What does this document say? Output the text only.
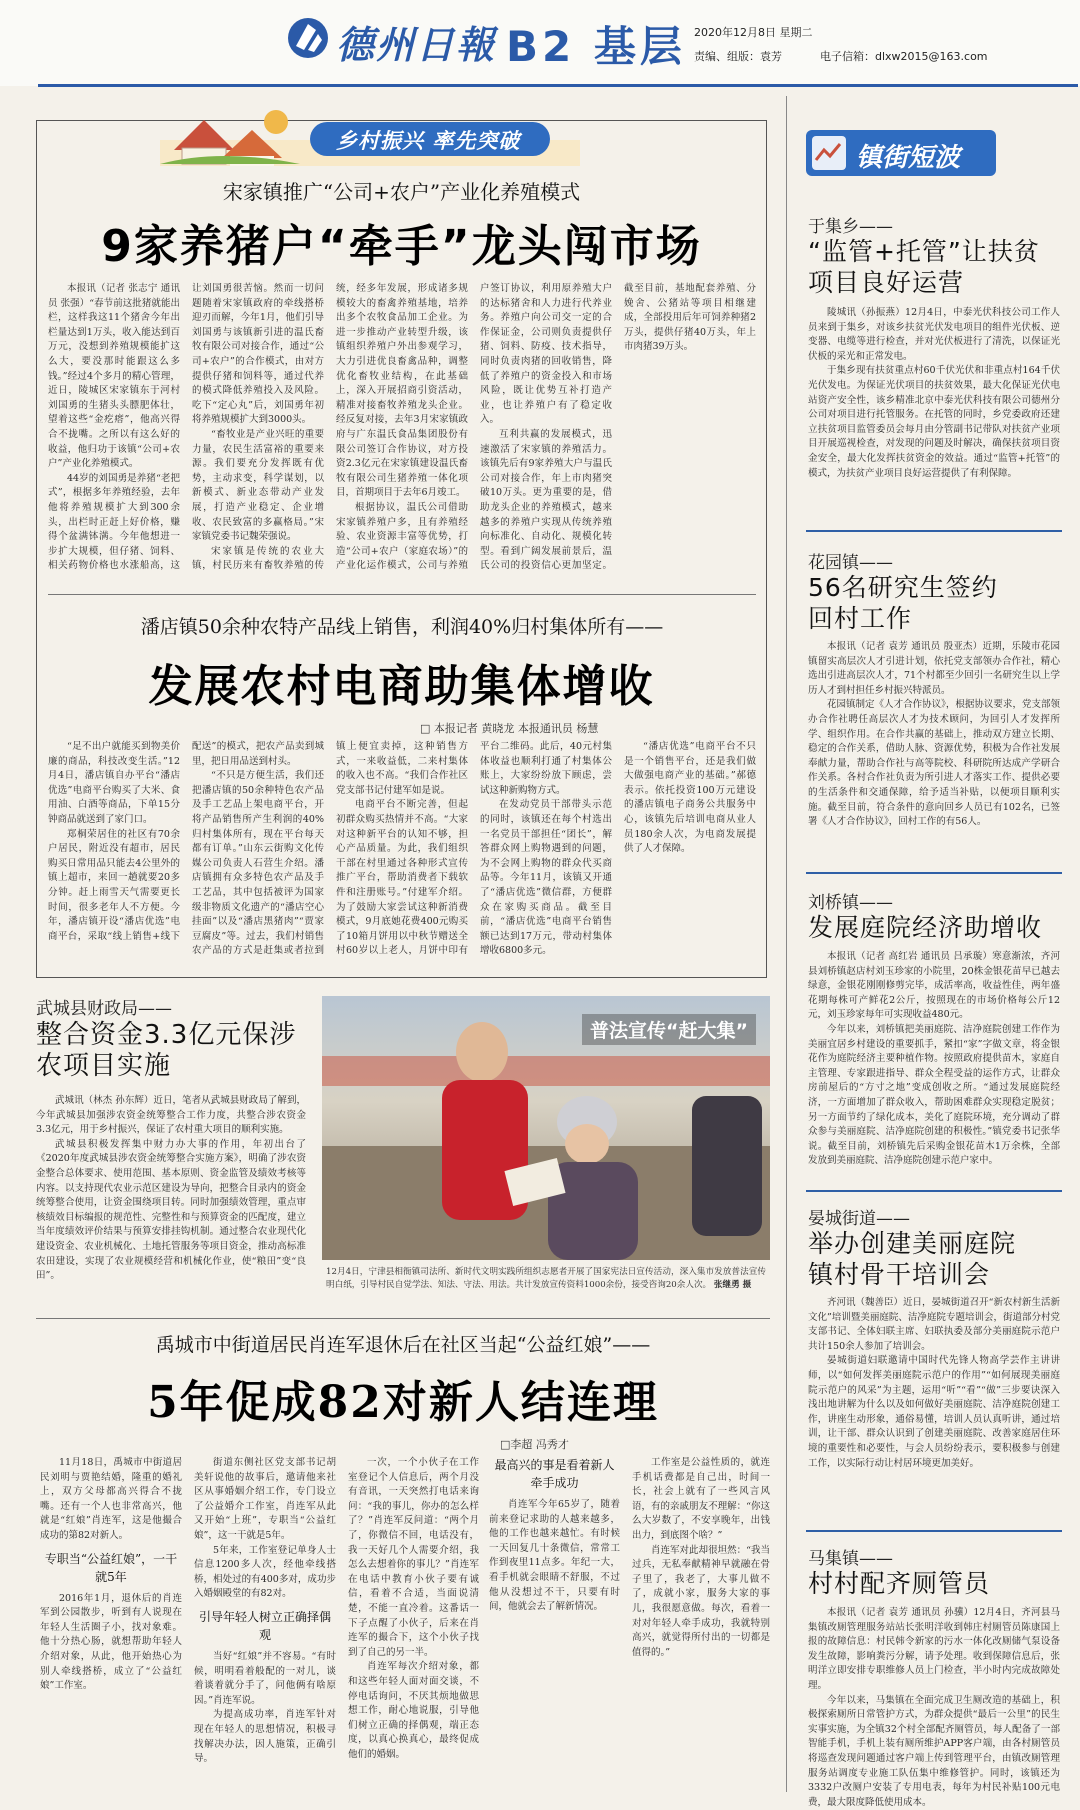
德州日報 B2 基层 2020年12月8日 星期二
责编、组版：袁芳	电子信箱：dlxw2015@163.com
乡村振兴 率先突破
宋家镇推广“公司+农户”产业化养殖模式
9家养猪户“牵手”龙头闯市场

本报讯（记者 张志宁 通讯员 张强）“春节前这批猪就能出栏，这样我这11个猪舍今年出栏量达到1万头，收入能达到百万元，没想到养殖规模能扩这么大，要没那时能跟这么多钱。”经过4个多月的精心管理，近日，陵城区宋家镇东于河村刘国勇的生猪头头膘肥体壮，望着这些“金疙瘩”，他高兴得合不拢嘴。之所以有这么好的收益，他归功于该镇“公司+农户”产业化养殖模式。

44岁的刘国勇是养猪“老把式”，根据多年养殖经验，去年他将养殖规模扩大到300余头，出栏时正赶上好价格，赚得个盆满钵满。今年他想进一步扩大规模，但仔猪、饲料、相关药物价格也水涨船高，这让刘国勇很苦恼。然而一切问题随着宋家镇政府的牵线搭桥迎刃而解，今年1月，他们引导刘国勇与该镇新引进的温氏畜牧有限公司对接合作，通过“公司+农户”的合作模式，由对方提供仔猪和饲料等，通过代养的模式降低养殖投入及风险。吃下“定心丸”后，刘国勇年初将养殖规模扩大到3000头。

“畜牧业是产业兴旺的重要力量，农民生活富裕的重要来源。我们要充分发挥既有优势，主动求变，科学谋划，以新模式、新业态带动产业发展，打造产业稳定、企业增收、农民致富的多赢格局。”宋家镇党委书记魏荣强说。

宋家镇是传统的农业大镇，村民历来有畜牧养殖的传统，经多年发展，形成诸多规模较大的畜禽养殖基地，培养出多个农牧食品加工企业。为进一步推动产业转型升级，该镇组织养殖户外出参观学习，大力引进优良畜禽品种，调整优化畜牧业结构，在此基础上，深入开展招商引资活动，精准对接畜牧养殖龙头企业。经反复对接，去年3月宋家镇政府与广东温氏食品集团股份有限公司签订合作协议，对方投资2.3亿元在宋家镇建设温氏畜牧有限公司生猪养殖一体化项目，首期项目于去年6月竣工。

根据协议，温氏公司借助宋家镇养殖户多，且有养殖经验、农业资源丰富等优势，打造“公司+农户（家庭农场）”的产业化运作模式，公司与养殖户签订协议，利用原养殖大户的达标猪舍和人力进行代养业务。养殖户向公司交一定的合作保证金，公司则负责提供仔猪、饲料、防疫、技术指导，同时负责肉猪的回收销售，降低了养殖户的资金投入和市场风险，既让优势互补打造产业，也让养殖户有了稳定收入。

互利共赢的发展模式，迅速激活了宋家镇的养殖活力。该镇先后有9家养殖大户与温氏公司对接合作，年上市肉猪突破10万头。更为重要的是，借助龙头企业的养殖模式，越来越多的养殖户实现从传统养殖向标准化、自动化、规模化转型。看到广阔发展前景后，温氏公司的投资信心更加坚定。截至目前，基地配套养殖、分娩舍、公猪站等项目相继建成，全部投用后年可饲养种猪2万头，提供仔猪40万头，年上市肉猪39万头。

潘店镇50余种农特产品线上销售，利润40%归村集体所有——
发展农村电商助集体增收
□ 本报记者 黄晓龙 本报通讯员 杨慧

“足不出户就能买到物美价廉的商品，科技改变生活。”12月4日，潘店镇自办平台“潘店优选”电商平台购买了大米、食用油、白酒等商品，下单15分钟商品就送到了家门口。

郑桐荣居住的社区有70余户居民，附近没有超市，居民购买日常用品只能去4公里外的镇上超市，来回一趟就要20多分钟。赶上雨雪天气需要更长时间，很多老年人不方便。今年，潘店镇开设“潘店优选”电商平台，采取“线上销售+线下配送”的模式，把农产品卖到城里，把日用品送到村头。

“不只是方便生活，我们还把潘店镇的50余种特色农产品及手工艺品上架电商平台，开将产品销售所产生利润的40%归村集体所有，现在平台每天都有订单。”山东云街购文化传媒公司负责人石营生介绍。潘店镇拥有众多特色农产品及手工艺品，其中包括被评为国家级非物质文化遗产的“潘店空心挂面”以及“潘店黑猪肉”“贾家豆腐皮”等。过去，我们村销售农产品的方式是赶集或者拉到镇上便宜卖掉，这种销售方式，一来收益低，二来村集体的收入也不高。“我们合作社区党支部书记付建军如是说。

电商平台不断完善，但起初群众购买热情并不高。“大家对这种新平台的认知不够，担心产品质量。为此，我们组织干部在村里通过各种形式宣传推广平台，帮助消费者下载软件和注册账号。”付建军介绍。为了鼓励大家尝试这种新消费模式，9月底她花费400元购买了10箱月饼用以中秋节赠送全村60岁以上老人，月饼中印有平台二维码。此后，40元村集体收益也顺利打通了村集体公账上，大家纷纷放下顾虑，尝试这种新购物方式。

在发动党员干部带头示范的同时，该镇还在每个村选出一名党员干部担任“团长”，解答群众网上购物遇到的问题，为不会网上购物的群众代买商品等。今年11月，该镇又开通了“潘店优选”微信群，方便群众在家购买商品。截至目前，“潘店优选”电商平台销售额已达到17万元，带动村集体增收6800多元。

“潘店优选”电商平台不只是一个销售平台，还是我们做大做强电商产业的基础。”郝德表示。依托投资100万元建设的潘店镇电子商务公共服务中心，该镇先后培训电商从业人员180余人次，为电商发展提供了人才保障。

武城县财政局——
整合资金3.3亿元保涉农项目实施

武城讯（林杰 孙东辉）近日，笔者从武城县财政局了解到，今年武城县加强涉农资金统筹整合工作力度，共整合涉农资金3.3亿元，用于乡村振兴，保证了农村重大项目的顺利实施。

武城县积极发挥集中财力办大事的作用，年初出台了《2020年度武城县涉农资金统筹整合实施方案》，明确了涉农资金整合总体要求、使用范围、基本原则、资金监管及绩效考核等内容。以支持现代农业示范区建设为导向，把整合目录内的资金统筹整合使用，让资金围绕项目转。同时加强绩效管理，重点审核绩效目标编报的规范性、完整性和与预算资金的匹配度，建立当年度绩效评价结果与预算安排挂钩机制。通过整合农业现代化建设资金、农业机械化、土地托管服务等项目资金，推动高标准农田建设，实现了农业规模经营和机械化作业，使“粮田”变“良田”。

普法宣传“赶大集”
12月4日，宁津县相衙镇司法所、新时代文明实践所组织志愿者开展了国家宪法日宣传活动，深入集市发放普法宣传明白纸，引导村民自觉学法、知法、守法、用法。共计发放宣传资料1000余份，接受咨询20余人次。 张继勇 摄
禹城市中街道居民肖连军退休后在社区当起“公益红娘”——
5年促成82对新人结连理
□李超 冯秀才

11月18日，禹城市中街道居民刘明与贾艳结婚，隆重的婚礼上，双方父母都高兴得合不拢嘴。还有一个人也非常高兴，他就是“红娘”肖连军，这是他撮合成功的第82对新人。

专职当“公益红娘”，一干就5年

2016年1月，退休后的肖连军到公园散步，听到有人说现在年轻人生活圈子小，找对象难。他十分热心肠，就想帮助年轻人介绍对象，从此，他开始热心为别人牵线搭桥，成立了“公益红娘”工作室。

街道东侧社区党支部书记胡美轩说他的故事后，邀请他来社区从事婚姻介绍工作，专门设立了公益婚介工作室，肖连军从此又开始“上班”，专职当“公益红娘”，这一干就是5年。

5年来，工作室登记单身人士信息1200多人次，经他牵线搭桥，相处过的有400多对，成功步入婚姻殿堂的有82对。

引导年轻人树立正确择偶观

当好“红娘”并不容易。“有时候，明明看着般配的一对儿，谈着谈着就分手了，问他俩有啥原因。”肖连军说。

为提高成功率，肖连军针对现在年轻人的思想情况，积极寻找解决办法，因人施策，正确引导。

一次，一个小伙子在工作室登记个人信息后，两个月没有音讯，一天突然打电话来询问：“我的事儿，你办的怎么样了？”肖连军反问道：“两个月了，你微信不回，电话没有，我一天好几个人需要介绍，我怎么去想着你的事儿？”肖连军在电话中教育小伙子要有诚信，看着不合适，当面说清楚，不能一直冷着。这番话一下子点醒了小伙子，后来在肖连军的撮合下，这个小伙子找到了自己的另一半。

肖连军每次介绍对象，都和这些年轻人面对面交谈，不停电话询问，不厌其烦地做思想工作，耐心地说服，引导他们树立正确的择偶观，端正态度，以真心换真心，最终促成他们的婚姻。

最高兴的事是看着新人牵手成功

肖连军今年65岁了，随着前来登记求助的人越来越多，他的工作也越来越忙。有时候一天回复几十条微信，常常工作到夜里11点多。年纪一大，看手机就会眼睛不舒服，不过他从没想过不干，只要有时间，他就会去了解新情况。

工作室是公益性质的，就连手机话费都是自己出，时间一长，社会上就有了一些风言风语，有的亲戚朋友不理解：“你这么大岁数了，不安享晚年，出钱出力，到底图个啥？”

肖连军对此却很坦然：“我当过兵，无私奉献精神早就融在骨子里了，我老了，大事儿做不了，成就小家，服务大家的事儿，我很愿意做。每次，看着一对对年轻人牵手成功，我就特别高兴，就觉得所付出的一切都是值得的。”

镇街短波
于集乡——
“监管+托管”让扶贫项目良好运营

陵城讯（孙振燕）12月4日，中泰光伏科技公司工作人员来到于集乡，对该乡扶贫光伏发电项目的组件光伏板、逆变器、电缆等进行检查，并对光伏板进行了清洗，以保证光伏板的采光和正常发电。

于集乡现有扶贫重点村60千伏光伏和非重点村164千伏光伏发电。为保证光伏项目的扶贫效果，最大化保证光伏电站资产安全性，该乡精准北京中泰光伏科技有限公司德州分公司对项目进行托管服务。在托管的同时，乡党委政府还建立扶贫项目监管委员会每月由分管副书记带队对扶贫产业项目开展巡视检查，对发现的问题及时解决，确保扶贫项目资金安全，最大化发挥扶贫资金的效益。通过“监管+托管”的模式，为扶贫产业项目良好运营提供了有利保障。

花园镇——
56名研究生签约回村工作

本报讯（记者 袁芳 通讯员 殷亚杰）近期，乐陵市花园镇留实高层次人才引进计划，依托党支部领办合作社，精心选出引进高层次人才，71个村都至少回引一名研究生以上学历人才到村担任乡村振兴特派员。

花园镇制定《人才合作协议》，根据协议要求，党支部领办合作社聘任高层次人才为技术顾问，为回引人才发挥所学、组织作用。在合作共赢的基础上，推动双方建立长期、稳定的合作关系，借助人脉、资源优势，积极为合作社发展奉献力量，帮助合作社与高等院校、科研院所达成产学研合作关系。各村合作社负责为所引进人才落实工作、提供必要的生活条件和交通保障，给予适当补贴，以便项目顺利实施。截至目前，符合条件的意向回乡人员已有102名，已签署《人才合作协议》，回村工作的有56人。

刘桥镇——
发展庭院经济助增收

本报讯（记者 高红岩 通讯员 吕承璇）寒意渐浓，齐河县刘桥镇赵店村刘玉珍家的小院里，20株金银花苗早已越去绿意，金银花刚刚修剪完毕，成活率高，收益性佳，两年盛花期每株可产鲜花2公斤，按照现在的市场价格每公斤12元，刘玉珍家每年可实现收益480元。

今年以来，刘桥镇把美丽庭院、洁净庭院创建工作作为美丽宜居乡村建设的重要抓手，紧扣“家”字做文章，将金银花作为庭院经济主要种植作物。按照政府提供苗木，家庭自主管理、专家跟进指导、群众全程受益的运作方式，让群众房前屋后的“方寸之地”变成创收之所。“通过发展庭院经济，一方面增加了群众收入，帮助困难群众实现稳定脱贫；另一方面节约了绿化成本，美化了庭院环境，充分调动了群众参与美丽庭院、洁净庭院创建的积极性。”镇党委书记张华说。截至目前，刘桥镇先后采购金银花苗木1万余株，全部发放到美丽庭院、洁净庭院创建示范户家中。

晏城街道——
举办创建美丽庭院镇村骨干培训会

齐河讯（魏善臣）近日，晏城街道召开“新农村新生活新文化”培训暨美丽庭院、洁净庭院专题培训会，街道部分村党支部书记、全体妇联主席、妇联执委及部分美丽庭院示范户共计150余人参加了培训会。

晏城街道妇联邀请中国时代先锋人物高学芸作主讲讲师，以“如何发挥美丽庭院示范户的作用”“如何展现美丽庭院示范户的风采”为主题，运用“听”“看”“做”三步要诀深入浅出地讲解为什么以及如何做好美丽庭院、洁净庭院创建工作，讲座生动形象，通俗易懂，培训人员认真听讲，通过培训，让干部、群众认识到了创建美丽庭院、改善家庭居住环境的重要性和必要性，与会人员纷纷表示，要积极参与创建工作，以实际行动让村居环境更加美好。

马集镇——
村村配齐厕管员

本报讯（记者 袁芳 通讯员 孙骥）12月4日，齐河县马集镇改厕管理服务站站长张明洋收到韩庄村厕管员陈康国上报的故障信息：村民韩令新家的污水一体化改厕储气泵设备发生故障，影响粪污分解，请予处理。收到保障信息后，张明洋立即安排专职维修人员上门检查，半小时内完成故障处理。

今年以来，马集镇在全面完成卫生厕改造的基础上，积极探索厕所日常管护方式，为群众提供“最后一公里”的民生实事实施，为全镇32个村全部配齐厕管员，每人配备了一部智能手机，手机上装有厕所维护APP客户端，由各村厕管员将巡查发现问题通过客户端上传到管理平台，由镇改厕管理服务站调度专业施工队伍集中维修管护。同时，该镇还为3332户改厕户安装了专用电表，每年为村民补贴100元电费，最大限度降低使用成本。
